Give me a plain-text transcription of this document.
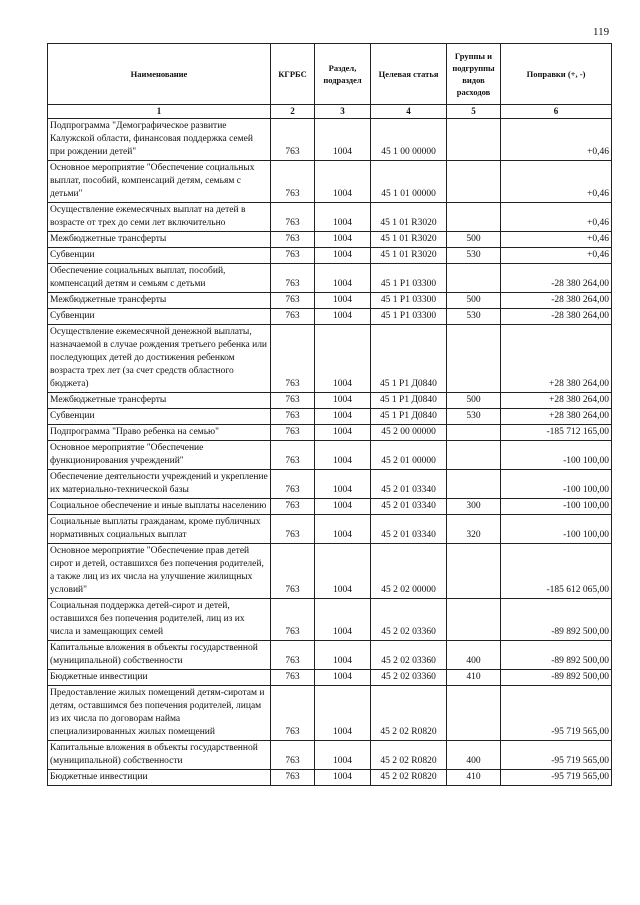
119
Наименование	КГРБС	Раздел, подраздел	Целевая статья	Группы и подгруппы видов расходов	Поправки (+, -)
1	2	3	4	5	6
Подпрограмма "Демографическое развитие Калужской области, финансовая поддержка семей при рождении детей"	763	1004	45 1 00 00000		+0,46
Основное мероприятие "Обеспечение социальных выплат, пособий, компенсаций детям, семьям с детьми"	763	1004	45 1 01 00000		+0,46
Осуществление ежемесячных выплат на детей в возрасте от трех до семи лет включительно	763	1004	45 1 01 R3020		+0,46
Межбюджетные трансферты	763	1004	45 1 01 R3020	500	+0,46
Субвенции	763	1004	45 1 01 R3020	530	+0,46
Обеспечение социальных выплат, пособий, компенсаций детям и семьям с детьми	763	1004	45 1 P1 03300		-28 380 264,00
Межбюджетные трансферты	763	1004	45 1 P1 03300	500	-28 380 264,00
Субвенции	763	1004	45 1 P1 03300	530	-28 380 264,00
Осуществление ежемесячной денежной выплаты, назначаемой в случае рождения третьего ребенка или последующих детей до достижения ребенком возраста трех лет (за счет средств областного бюджета)	763	1004	45 1 P1 Д0840		+28 380 264,00
Межбюджетные трансферты	763	1004	45 1 P1 Д0840	500	+28 380 264,00
Субвенции	763	1004	45 1 P1 Д0840	530	+28 380 264,00
Подпрограмма "Право ребенка на семью"	763	1004	45 2 00 00000		-185 712 165,00
Основное мероприятие "Обеспечение функционирования учреждений"	763	1004	45 2 01 00000		-100 100,00
Обеспечение деятельности учреждений и укрепление их материально-технической базы	763	1004	45 2 01 03340		-100 100,00
Социальное обеспечение и иные выплаты населению	763	1004	45 2 01 03340	300	-100 100,00
Социальные выплаты гражданам, кроме публичных нормативных социальных выплат	763	1004	45 2 01 03340	320	-100 100,00
Основное мероприятие "Обеспечение прав детей сирот и детей, оставшихся без попечения родителей, а также лиц из их числа на улучшение жилищных условий"	763	1004	45 2 02 00000		-185 612 065,00
Социальная поддержка детей-сирот и детей, оставшихся без попечения родителей, лиц из их числа и замещающих семей	763	1004	45 2 02 03360		-89 892 500,00
Капитальные вложения в объекты государственной (муниципальной) собственности	763	1004	45 2 02 03360	400	-89 892 500,00
Бюджетные инвестиции	763	1004	45 2 02 03360	410	-89 892 500,00
Предоставление жилых помещений детям-сиротам и детям, оставшимся без попечения родителей, лицам из их числа по договорам найма специализированных жилых помещений	763	1004	45 2 02 R0820		-95 719 565,00
Капитальные вложения в объекты государственной (муниципальной) собственности	763	1004	45 2 02 R0820	400	-95 719 565,00
Бюджетные инвестиции	763	1004	45 2 02 R0820	410	-95 719 565,00
